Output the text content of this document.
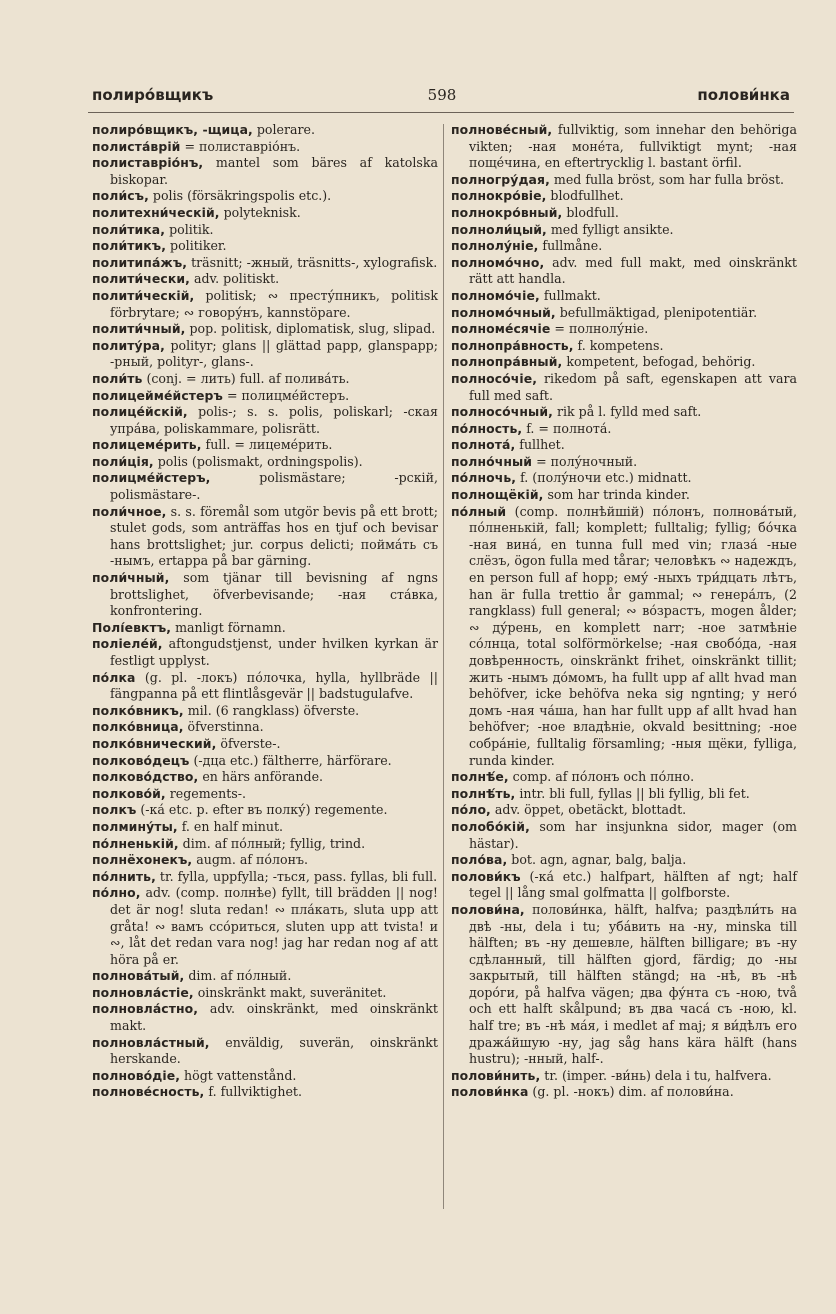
полиро́вщикъ	598	полови́нка

полиро́вщикъ, -щица, polerare.

полиста́врій = полиставріо́нъ.

полиставріо́нъ, mantel som bäres af katolska biskopar.

поли́съ, polis (försäkringspolis etc.).

политехни́ческій, polyteknisk.

поли́тика, politik.

поли́тикъ, politiker.

политипа́жъ, träsnitt; -жный, träsnitts-, xylografisk.

полити́чески, adv. politiskt.

полити́ческій, politisk; ∾ престу́пникъ, politisk förbrytare; ∾ говору́нъ, kannstöpare.

полити́чный, pop. politisk, diplomatisk, slug, slipad.

политу́ра, polityr; glans || glättad papp, glanspapp; -рный, polityr-, glans-.

поли́ть (conj. = лить) full. af полива́ть.

полицейме́йстеръ = полицме́йстеръ.

полице́йскій, polis-; s. s. polis, poliskarl; -ская упра́ва, poliskammare, polisrätt.

полицеме́рить, full. = лицеме́рить.

поли́ція, polis (polismakt, ordningspolis).

полицме́йстеръ, polismästare; -рскій, polismästare-.

поли́чное, s. s. föremål som utgör bevis på ett brott; stulet gods, som anträffas hos en tjuf och bevisar hans brottslighet; jur. corpus delicti; пойма́ть съ -нымъ, ertappa på bar gärning.

поли́чный, som tjänar till bevisning af ngns brottslighet, öfverbevisande; -ная ста́вка, konfrontering.

Полі́евктъ, manligt förnamn.

поліеле́й, aftongudstjenst, under hvilken kyrkan är festligt upplyst.

по́лка (g. pl. -локъ) по́лочка, hylla, hyllbräde || fängpanna på ett flintlåsgevär || badstugulafve.

полко́вникъ, mil. (6 rangklass) öfverste.

полко́вница, öfverstinna.

полко́внический, öfverste-.

полково́децъ (-дца etc.) fältherre, härförare.

полково́дство, en härs anförande.

полково́й, regements-.

полкъ (-ка́ etc. p. efter въ полку́) regemente.

полмину́ты, f. en half minut.

по́лненькій, dim. af по́лный; fyllig, trind.

полнёхонекъ, augm. af по́лонъ.

по́лнить, tr. fylla, uppfylla; -ться, pass. fyllas, bli full.

по́лно, adv. (comp. полнѣе) fyllt, till brädden || nog! det är nog! sluta redan! ∾ пла́кать, sluta upp att gråta! ∾ вамъ ссо́риться, sluten upp att tvista! и ∾, låt det redan vara nog! jag har redan nog af att höra på er.

полнова́тый, dim. af по́лный.

полновла́стіе, oinskränkt makt, suveränitet.

полновла́стно, adv. oinskränkt, med oinskränkt makt.

полновла́стный, enväldig, suverän, oinskränkt herskande.

полново́діе, högt vattenstånd.

полнове́сность, f. fullviktighet.

полнове́сный, fullviktig, som innehar den behöriga vikten; -ная моне́та, fullviktigt mynt; -ная поще́чина, en eftertrycklig l. bastant örfil.

полногру́дая, med fulla bröst, som har fulla bröst.

полнокро́віе, blodfullhet.

полнокро́вный, blodfull.

полноли́цый, med fylligt ansikte.

полнолу́ніе, fullmåne.

полномо́чно, adv. med full makt, med oinskränkt rätt att handla.

полномо́чіе, fullmakt.

полномо́чный, befullmäktigad, plenipotentiär.

полноме́сячіе = полнолу́ніе.

полнопра́вность, f. kompetens.

полнопра́вный, kompetent, befogad, behörig.

полносо́чіе, rikedom på saft, egenskapen att vara full med saft.

полносо́чный, rik på l. fylld med saft.

по́лность, f. = полнота́.

полнота́, fullhet.

полно́чный = полу́ночный.

по́лночь, f. (полу́ночи etc.) midnatt.

полнощёкій, som har trinda kinder.

по́лный (comp. полнѣйшій) по́лонъ, полнова́тый, по́лненькій, fall; komplett; fulltalig; fyllig; бо́чка -ная вина́, en tunna full med vin; глаза́ -ные слёзъ, ögon fulla med tårar; человѣкъ ∾ надеждъ, en person full af hopp; ему́ -ныхъ три́дцать лѣтъ, han är fulla trettio år gammal; ∾ генера́лъ, (2 rangklass) full general; ∾ во́зрастъ, mogen ålder; ∾ ду́рень, en komplett narr; -ное затмѣніе со́лнца, total solförmörkelse; -ная свобо́да, -ная довѣренность, oinskränkt frihet, oinskränkt tillit; жить -нымъ до́момъ, ha fullt upp af allt hvad man behöfver, icke behöfva neka sig ngnting; у него́ домъ -ная ча́ша, han har fullt upp af allt hvad han behöfver; -ное владѣніе, okvald besittning; -ное собра́ніе, fulltalig församling; -ныя щёки, fylliga, runda kinder.

полнѣ́е, comp. af по́лонъ och по́лно.

полнѣ́ть, intr. bli full, fyllas || bli fyllig, bli fet.

по́ло, adv. öppet, obetäckt, blottadt.

полобо́кій, som har insjunkna sidor, mager (om hästar).

поло́ва, bot. agn, agnar, balg, balja.

полови́къ (-ка́ etc.) halfpart, hälften af ngt; half tegel || lång smal golfmatta || golfborste.

полови́на, полови́нка, hälft, halfva; раздѣли́ть на двѣ -ны, dela i tu; убáвить на -ну, minska till hälften; въ -ну дешевле, hälften billigare; въ -ну сдѣланный, till hälften gjord, färdig; до -ны закрытый, till hälften stängd; на -нѣ, въ -нѣ доро́ги, på halfva vägen; два фу́нта съ -ною, två och ett halft skålpund; въ два часа́ съ -ною, kl. half tre; въ -нѣ ма́я, i medlet af maj; я ви́дѣлъ его дража́йшую -ну, jag såg hans kära hälft (hans hustru); -нный, half-.

полови́нить, tr. (imper. -ви́нь) dela i tu, halfvera.

полови́нка (g. pl. -нокъ) dim. af полови́на.
